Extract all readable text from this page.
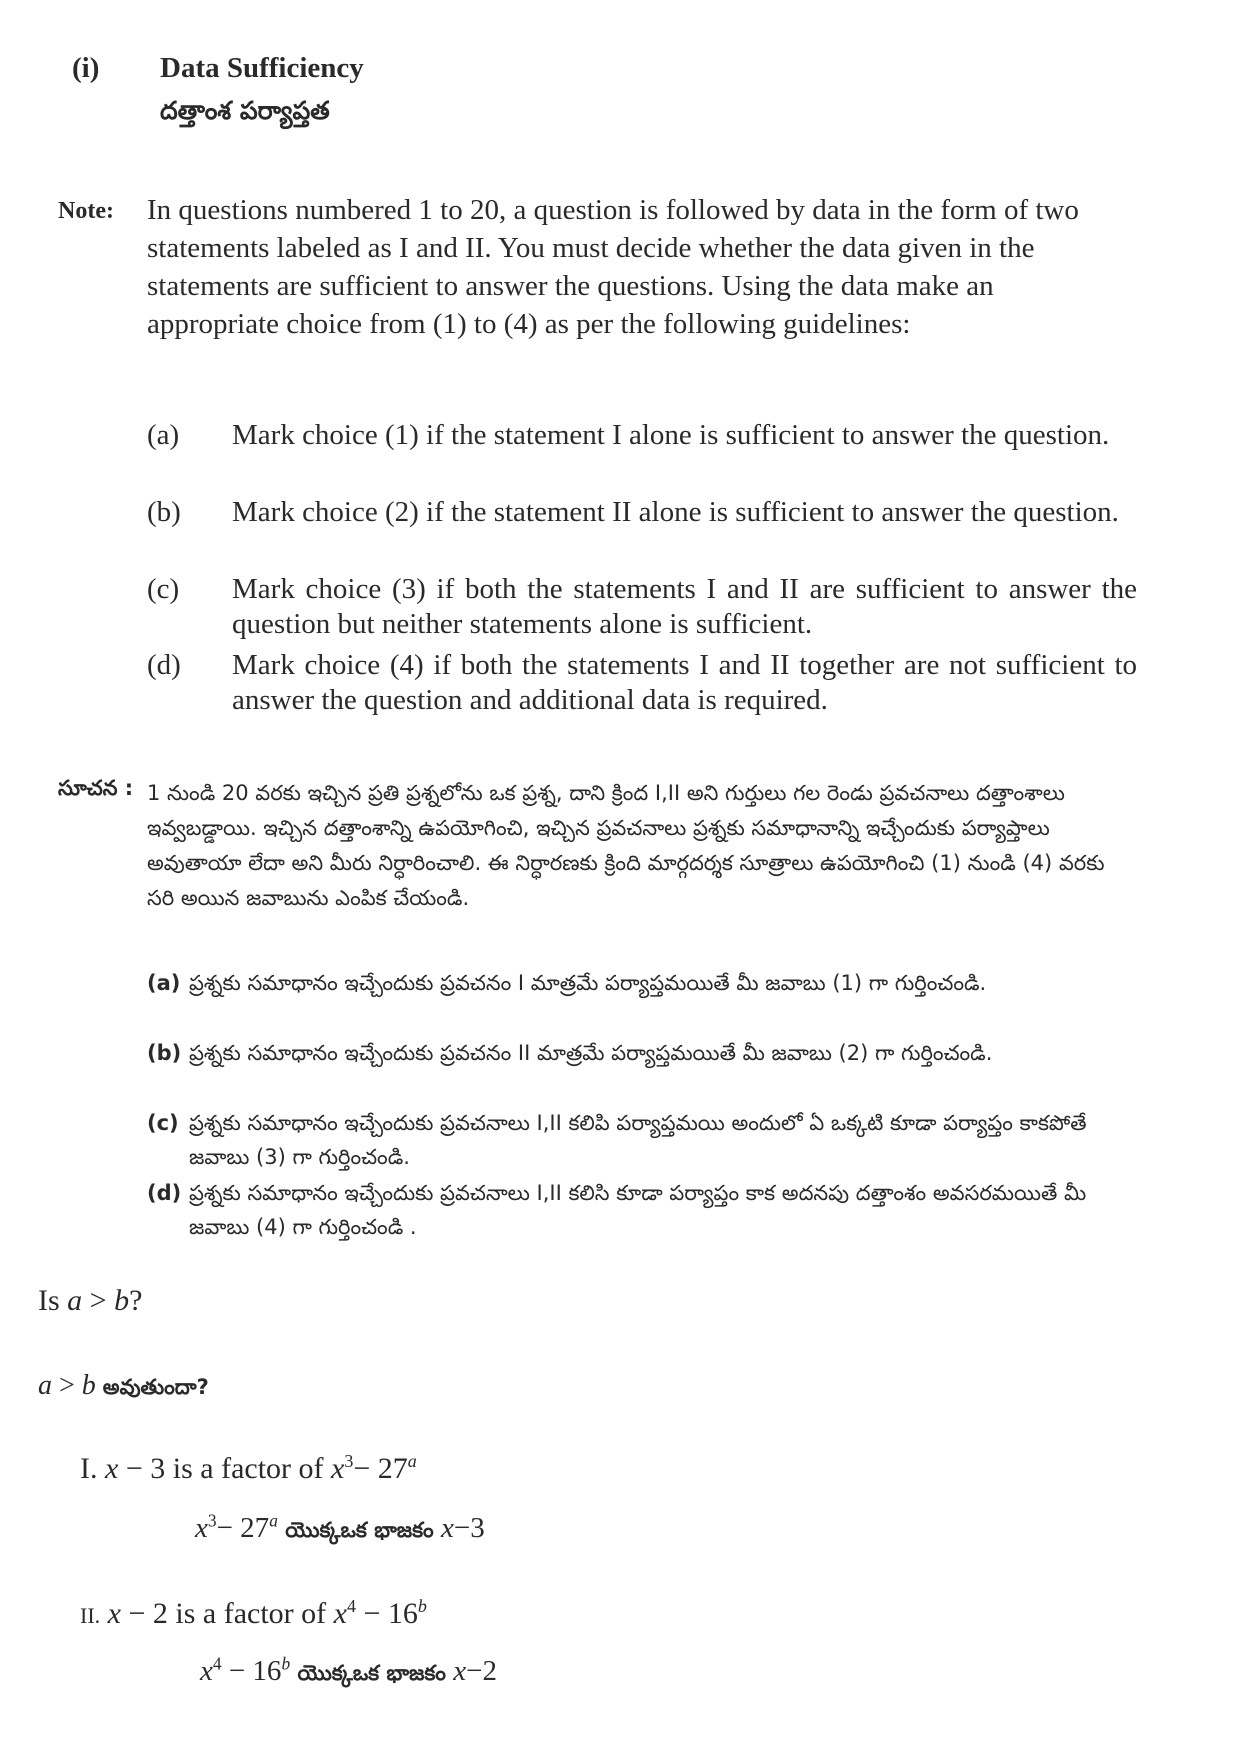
(i) Data Sufficiency
దత్తాంశ పర్యాప్తత
Note: In questions numbered 1 to 20, a question is followed by data in the form of two statements labeled as I and II. You must decide whether the data given in the statements are sufficient to answer the questions. Using the data make an appropriate choice from (1) to (4) as per the following guidelines:
(a)	Mark choice (1) if the statement I alone is sufficient to answer the question.
(b)	Mark choice (2) if the statement II alone is sufficient to answer the question.
(c)	Mark choice (3) if both the statements I and II are sufficient to answer the question but neither statements alone is sufficient.
(d)	Mark choice (4) if both the statements I and II together are not sufficient to answer the question and additional data is required.
సూచన : 1 నుండి 20 వరకు ఇచ్చిన ప్రతి ప్రశ్నలోను ఒక ప్రశ్న, దాని క్రింద I,II అని గుర్తులు గల రెండు ప్రవచనాలు దత్తాంశాలు ఇవ్వబడ్డాయి. ఇచ్చిన దత్తాంశాన్ని ఉపయోగించి, ఇచ్చిన ప్రవచనాలు ప్రశ్నకు సమాధానాన్ని ఇచ్చేందుకు పర్యాప్తాలు అవుతాయా లేదా అని మీరు నిర్ధారించాలి. ఈ నిర్ధారణకు క్రింది మార్గదర్శక సూత్రాలు ఉపయోగించి (1) నుండి (4) వరకు సరి అయిన జవాబును ఎంపిక చేయండి.
(a) ప్రశ్నకు సమాధానం ఇచ్చేందుకు ప్రవచనం I మాత్రమే పర్యాప్తమయితే మీ జవాబు (1) గా గుర్తించండి.
(b) ప్రశ్నకు సమాధానం ఇచ్చేందుకు ప్రవచనం II మాత్రమే పర్యాప్తమయితే మీ జవాబు (2) గా గుర్తించండి.
(c) ప్రశ్నకు సమాధానం ఇచ్చేందుకు ప్రవచనాలు I,II కలిపి పర్యాప్తమయి అందులో ఏ ఒక్కటి కూడా పర్యాప్తం కాకపోతే జవాబు (3) గా గుర్తించండి.
(d) ప్రశ్నకు సమాధానం ఇచ్చేందుకు ప్రవచనాలు I,II కలిసి కూడా పర్యాప్తం కాక అదనపు దత్తాంశం అవసరమయితే మీ జవాబు (4) గా గుర్తించండి .
Is a > b?
a > b అవుతుందా?
I. x − 3 is a factor of $x^3- 27^a$
$x^3- 27^a$ యొక్కఒక భాజకం x−3
II. x − 2 is a factor of $x^4 - 16^b$
$x^4 - 16^b$ యొక్కఒక భాజకం x−2
